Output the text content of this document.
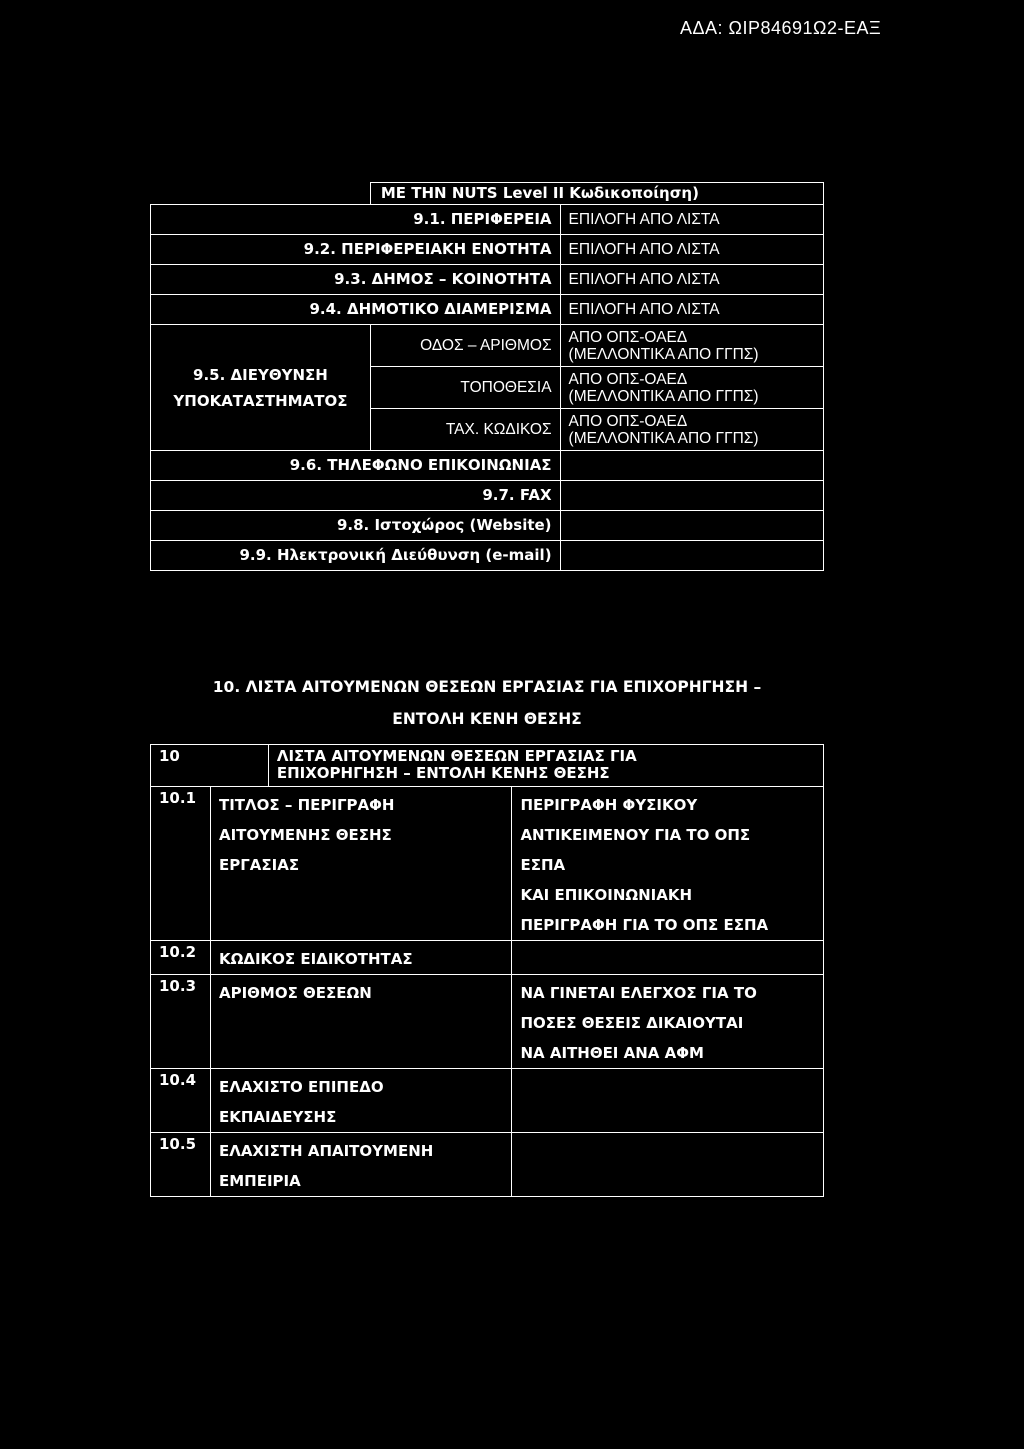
ΑΔΑ: ΩΙΡ84691Ω2-ΕΑΞ
	ΜΕ ΤΗΝ NUTS Level II Κωδικοποίηση)	
9.1. ΠΕΡΙΦΕΡΕΙΑ		ΕΠΙΛΟΓΗ ΑΠΟ ΛΙΣΤΑ
9.2. ΠΕΡΙΦΕΡΕΙΑΚΗ ΕΝΟΤΗΤΑ		ΕΠΙΛΟΓΗ ΑΠΟ ΛΙΣΤΑ
9.3. ΔΗΜΟΣ – ΚΟΙΝΟΤΗΤΑ		ΕΠΙΛΟΓΗ ΑΠΟ ΛΙΣΤΑ
9.4. ΔΗΜΟΤΙΚΟ ΔΙΑΜΕΡΙΣΜΑ		ΕΠΙΛΟΓΗ ΑΠΟ ΛΙΣΤΑ

9.5. ΔΙΕΥΘΥΝΣΗ
ΥΠΟΚΑΤΑΣΤΗΜΑΤΟΣ	ΟΔΟΣ – ΑΡΙΘΜΟΣ	ΑΠΟ ΟΠΣ-ΟΑΕΔ
(ΜΕΛΛΟΝΤΙΚΑ ΑΠΟ ΓΓΠΣ)

	ΤΟΠΟΘΕΣΙΑ	ΑΠΟ ΟΠΣ-ΟΑΕΔ
(ΜΕΛΛΟΝΤΙΚΑ ΑΠΟ ΓΓΠΣ)

	ΤΑΧ. ΚΩΔΙΚΟΣ	ΑΠΟ ΟΠΣ-ΟΑΕΔ
(ΜΕΛΛΟΝΤΙΚΑ ΑΠΟ ΓΓΠΣ)

9.6. ΤΗΛΕΦΩΝΟ ΕΠΙΚΟΙΝΩΝΙΑΣ		
9.7. FAX		
9.8. Ιστοχώρος (Website)		
9.9. Ηλεκτρονική Διεύθυνση (e-mail)		
10. ΛΙΣΤΑ ΑΙΤΟΥΜΕΝΩΝ ΘΕΣΕΩΝ ΕΡΓΑΣΙΑΣ ΓΙΑ ΕΠΙΧΟΡΗΓΗΣΗ –
ΕΝΤΟΛΗ ΚΕΝΗ ΘΕΣΗΣ
10		ΛΙΣΤΑ ΑΙΤΟΥΜΕΝΩΝ ΘΕΣΕΩΝ ΕΡΓΑΣΙΑΣ ΓΙΑ
ΕΠΙΧΟΡΗΓΗΣΗ – ΕΝΤΟΛΗ ΚΕΝΗΣ ΘΕΣΗΣ	

10.1	ΤΙΤΛΟΣ – ΠΕΡΙΓΡΑΦΗ
ΑΙΤΟΥΜΕΝΗΣ ΘΕΣΗΣ
ΕΡΓΑΣΙΑΣ		ΠΕΡΙΓΡΑΦΗ ΦΥΣΙΚΟΥ
ΑΝΤΙΚΕΙΜΕΝΟΥ ΓΙΑ ΤΟ ΟΠΣ
ΕΣΠΑ
ΚΑΙ ΕΠΙΚΟΙΝΩΝΙΑΚΗ
ΠΕΡΙΓΡΑΦΗ ΓΙΑ ΤΟ ΟΠΣ ΕΣΠΑ

10.2	ΚΩΔΙΚΟΣ ΕΙΔΙΚΟΤΗΤΑΣ		

10.3	ΑΡΙΘΜΟΣ ΘΕΣΕΩΝ		ΝΑ ΓΙΝΕΤΑΙ ΕΛΕΓΧΟΣ ΓΙΑ ΤΟ
ΠΟΣΕΣ ΘΕΣΕΙΣ ΔΙΚΑΙΟΥΤΑΙ
ΝΑ ΑΙΤΗΘΕΙ ΑΝΑ ΑΦΜ

10.4	ΕΛΑΧΙΣΤΟ ΕΠΙΠΕΔΟ
ΕΚΠΑΙΔΕΥΣΗΣ		

10.5	ΕΛΑΧΙΣΤΗ ΑΠΑΙΤΟΥΜΕΝΗ
ΕΜΠΕΙΡΙΑ		
